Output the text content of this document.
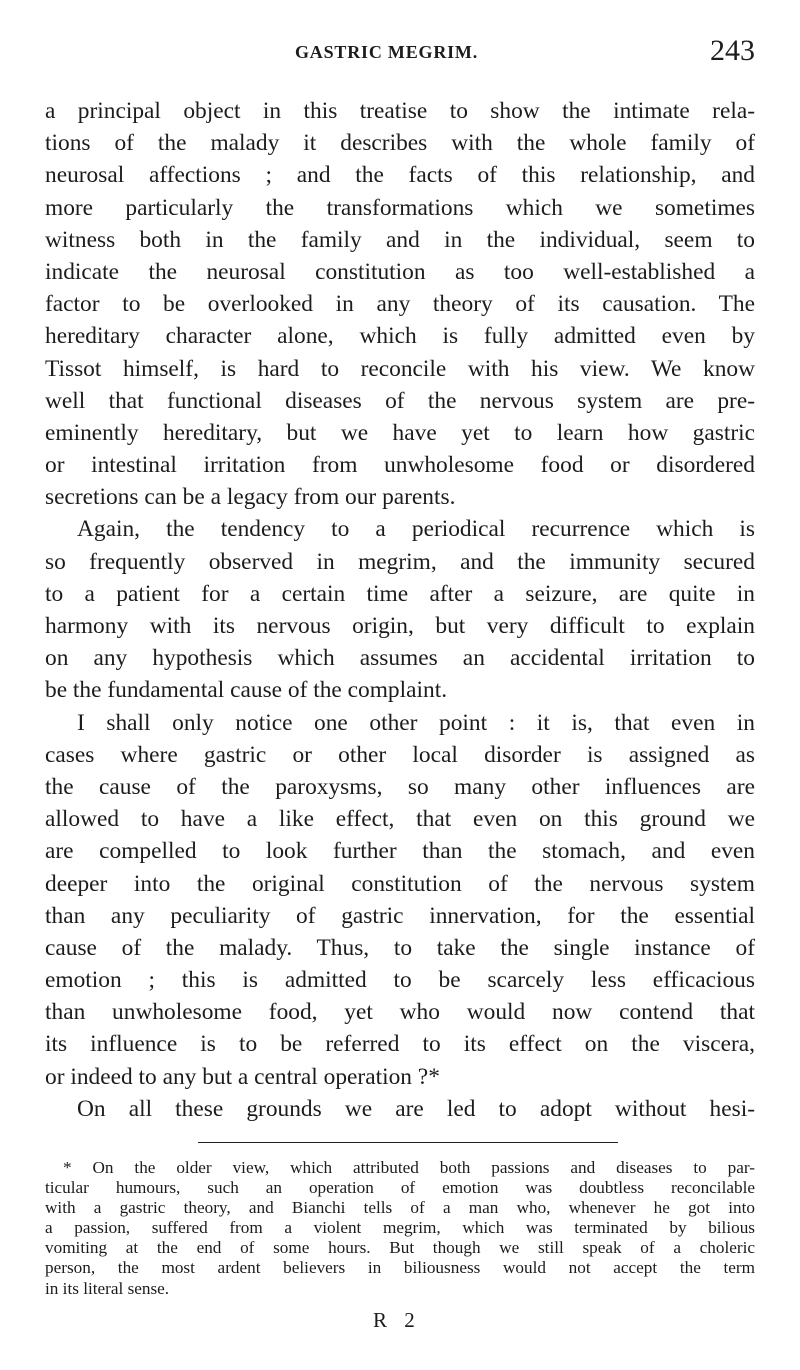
GASTRIC MEGRIM.	243
a principal object in this treatise to show the intimate rela-
tions of the malady it describes with the whole family of
neurosal affections ; and the facts of this relationship, and
more particularly the transformations which we sometimes
witness both in the family and in the individual, seem to
indicate the neurosal constitution as too well-established a
factor to be overlooked in any theory of its causation. The
hereditary character alone, which is fully admitted even by
Tissot himself, is hard to reconcile with his view. We know
well that functional diseases of the nervous system are pre-
eminently hereditary, but we have yet to learn how gastric
or intestinal irritation from unwholesome food or disordered
secretions can be a legacy from our parents.
Again, the tendency to a periodical recurrence which is
so frequently observed in megrim, and the immunity secured
to a patient for a certain time after a seizure, are quite in
harmony with its nervous origin, but very difficult to explain
on any hypothesis which assumes an accidental irritation to
be the fundamental cause of the complaint.
I shall only notice one other point : it is, that even in
cases where gastric or other local disorder is assigned as
the cause of the paroxysms, so many other influences are
allowed to have a like effect, that even on this ground we
are compelled to look further than the stomach, and even
deeper into the original constitution of the nervous system
than any peculiarity of gastric innervation, for the essential
cause of the malady. Thus, to take the single instance of
emotion ; this is admitted to be scarcely less efficacious
than unwholesome food, yet who would now contend that
its influence is to be referred to its effect on the viscera,
or indeed to any but a central operation ?*
On all these grounds we are led to adopt without hesi-
* On the older view, which attributed both passions and diseases to par-
ticular humours, such an operation of emotion was doubtless reconcilable
with a gastric theory, and Bianchi tells of a man who, whenever he got into
a passion, suffered from a violent megrim, which was terminated by bilious
vomiting at the end of some hours. But though we still speak of a choleric
person, the most ardent believers in biliousness would not accept the term
in its literal sense.
R 2
